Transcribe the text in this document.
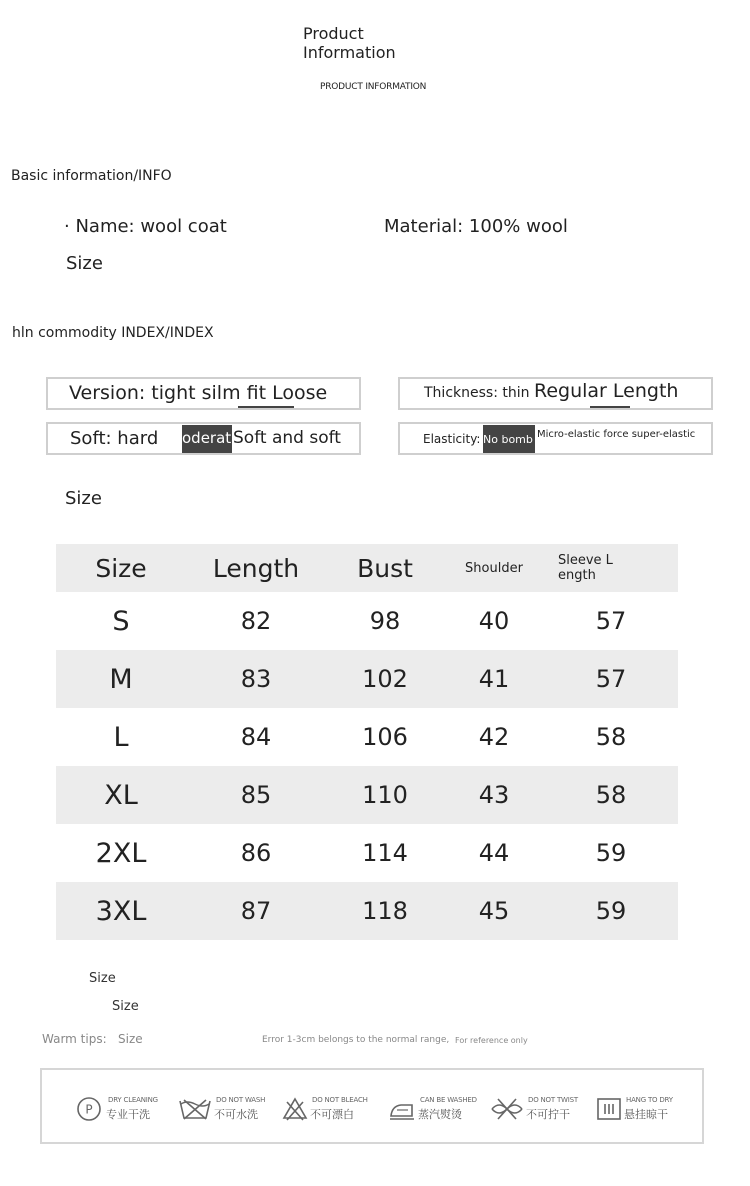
Product
Information
PRODUCT INFORMATION
Basic information/INFO
· Name: wool coat	Material: 100% wool
Size
hln commodity INDEX/INDEX
Version: tight silm fit Loose	Thickness: thin Regular Length
Soft: hard oderat Soft and soft	Elasticity: No bomb Micro-elastic force super-elastic
Size
Size	Length	Bust	Shoulder	Sleeve L
ength
S	82	98	40	57
M	83	102	41	57
L	84	106	42	58
XL	85	110	43	58
2XL	86	114	44	59
3XL	87	118	45	59
Size
Size
Warm tips: Size	Error 1-3cm belongs to the normal range, For reference only
P
DRY CLEANING
专业干洗
DO NOT WASH
不可水洗
DO NOT BLEACH
不可漂白
CAN BE WASHED
蒸汽熨烫
DO NOT TWIST
不可拧干
HANG TO DRY
悬挂晾干
